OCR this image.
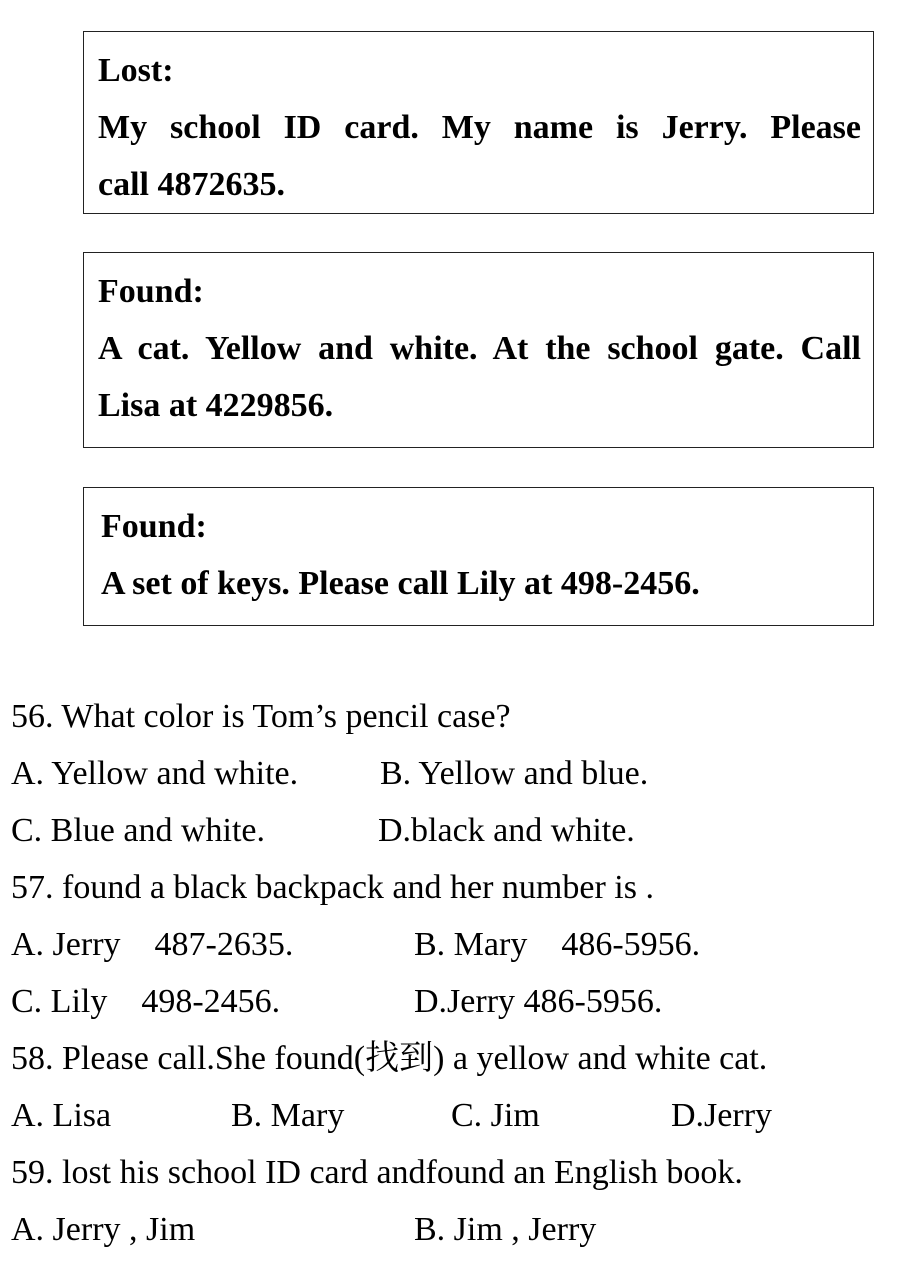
Lost:
My school ID card. My name is Jerry. Please
call 4872635.
Found:
A cat. Yellow and white. At the school gate. Call
Lisa at 4229856.
Found:
A set of keys. Please call Lily at 498-2456.
56. What color is Tom’s pencil case?
A. Yellow and white. B. Yellow and blue.
C. Blue and white.	D.black and white.
57. found a black backpack and her number is .
A. Jerry    487-2635.	B. Mary    486-5956.
C. Lily    498-2456.	D.Jerry 486-5956.
58. Please call.She found(找到) a yellow and white cat.
A. Lisa	B. Mary	C. Jim	D.Jerry
59. lost his school ID card andfound an English book.
A. Jerry , Jim	B. Jim , Jerry
